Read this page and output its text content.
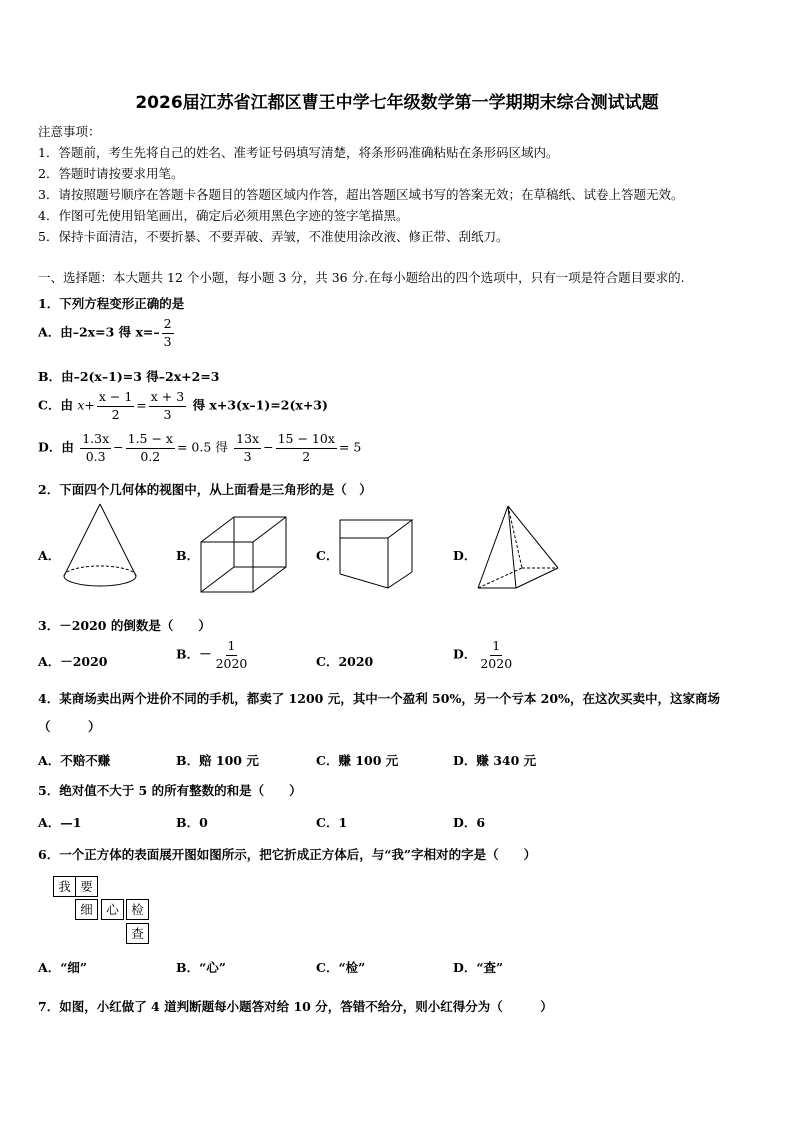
2026届江苏省江都区曹王中学七年级数学第一学期期末综合测试试题
注意事项：
1．答题前，考生先将自己的姓名、准考证号码填写清楚，将条形码准确粘贴在条形码区域内。
2．答题时请按要求用笔。
3．请按照题号顺序在答题卡各题目的答题区域内作答，超出答题区域书写的答案无效；在草稿纸、试卷上答题无效。
4．作图可先使用铅笔画出，确定后必须用黑色字迹的签字笔描黑。
5．保持卡面清洁，不要折暴、不要弄破、弄皱，不准使用涂改液、修正带、刮纸刀。
一、选择题：本大题共 12 个小题，每小题 3 分，共 36 分.在每小题给出的四个选项中，只有一项是符合题目要求的.
1．下列方程变形正确的是
A．由–2x=3 得 $x=- \frac{2}{3}$
B．由–2(x–1)=3 得–2x+2=3
C．由 $x+ \frac{x - 1}{2} = \frac{x + 3}{3}$ 得 x+3(x–1)=2(x+3)
D．由 $\frac{1.3x}{0.3} - \frac{1.5 - x}{0.2} = 0.5$ 得 $\frac{13x}{3} - \frac{15 - 10x}{2} = 5$
2．下面四个几何体的视图中，从上面看是三角形的是（　）
A．	B．	C．	D．
3．－2020 的倒数是（　　）
A．－2020	B．－ $\frac{1}{2020}$	C．2020	D． $\frac{1}{2020}$
4．某商场卖出两个进价不同的手机，都卖了 1200 元，其中一个盈利 50%，另一个亏本 20%，在这次买卖中，这家商场
（　　　）
A．不赔不赚	B．赔 100 元	C．赚 100 元	D．赚 340 元
5．绝对值不大于 5 的所有整数的和是（　　）
A．—1	B．0	C．1	D．6
6．一个正方体的表面展开图如图所示，把它折成正方体后，与“我”字相对的字是（　　）
我 要
细	心 检
查
A．“细”	B．“心”	C．“检”	D．“查”
7．如图，小红做了 4 道判断题每小题答对给 10 分，答错不给分，则小红得分为（　　　）
